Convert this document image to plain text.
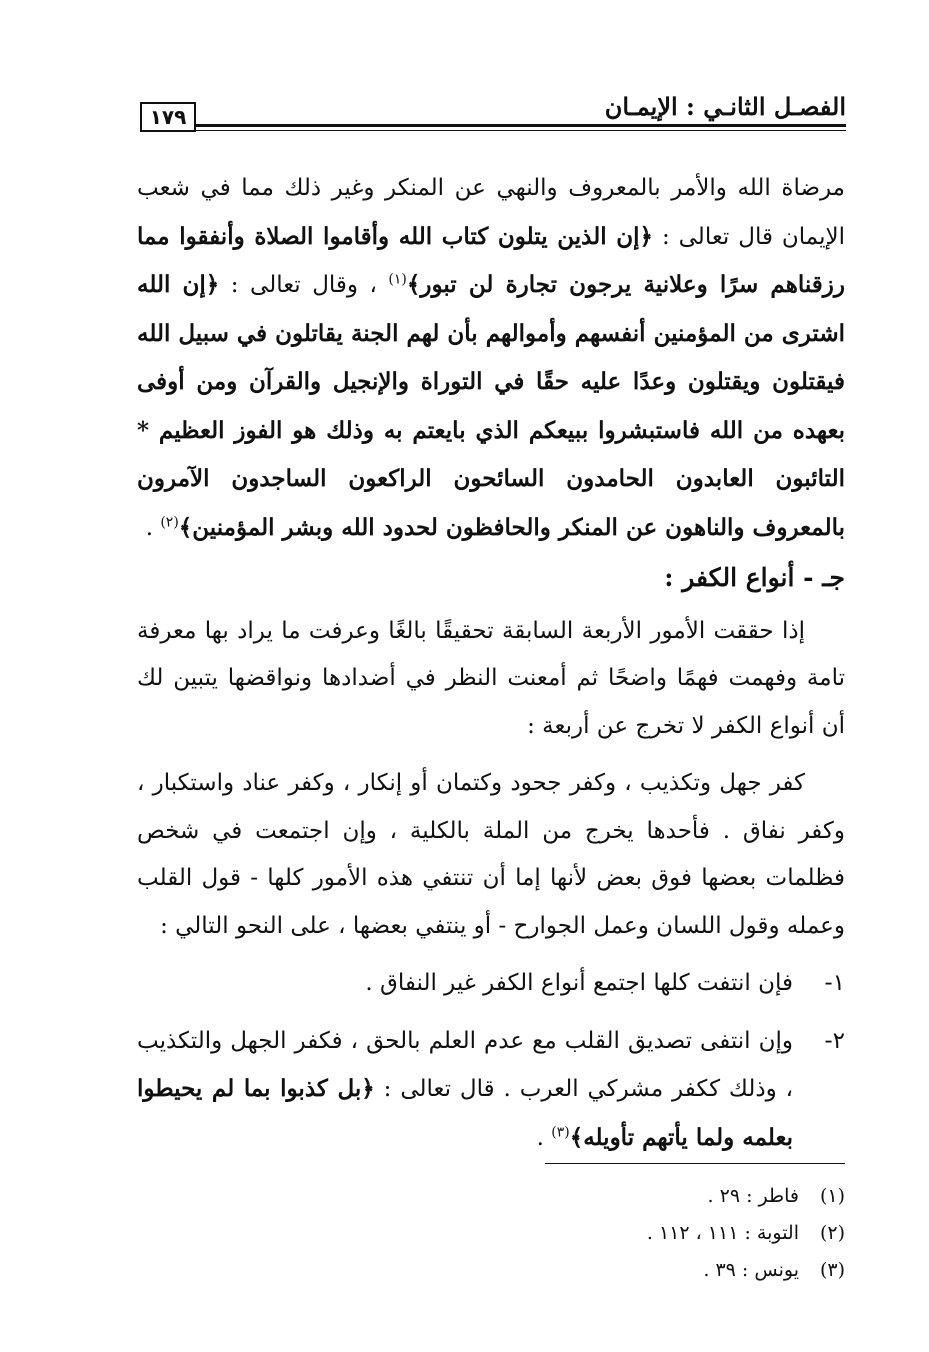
الفصـل الثانـي : الإيمـان
١٧٩

مرضاة الله والأمر بالمعروف والنهي عن المنكر وغير ذلك مما في شعب الإيمان قال تعالى : ﴿إن الذين يتلون كتاب الله وأقاموا الصلاة وأنفقوا مما رزقناهم سرًا وعلانية يرجون تجارة لن تبور﴾$^{(١)}$ ، وقال تعالى : ﴿إن الله اشترى من المؤمنين أنفسهم وأموالهم بأن لهم الجنة يقاتلون في سبيل الله فيقتلون ويقتلون وعدًا عليه حقًا في التوراة والإنجيل والقرآن ومن أوفى بعهده من الله فاستبشروا ببيعكم الذي بايعتم به وذلك هو الفوز العظيم * التائبون العابدون الحامدون السائحون الراكعون الساجدون الآمرون بالمعروف والناهون عن المنكر والحافظون لحدود الله وبشر المؤمنين﴾$^{(٢)}$ .

جـ - أنواع الكفر :

إذا حققت الأمور الأربعة السابقة تحقيقًا بالغًا وعرفت ما يراد بها معرفة تامة وفهمت فهمًا واضحًا ثم أمعنت النظر في أضدادها ونواقضها يتبين لك أن أنواع الكفر لا تخرج عن أربعة :

كفر جهل وتكذيب ، وكفر جحود وكتمان أو إنكار ، وكفر عناد واستكبار ، وكفر نفاق . فأحدها يخرج من الملة بالكلية ، وإن اجتمعت في شخص فظلمات بعضها فوق بعض لأنها إما أن تنتفي هذه الأمور كلها - قول القلب وعمله وقول اللسان وعمل الجوارح - أو ينتفي بعضها ، على النحو التالي :

١-
فإن انتفت كلها اجتمع أنواع الكفر غير النفاق .
٢-
وإن انتفى تصديق القلب مع عدم العلم بالحق ، فكفر الجهل والتكذيب ، وذلك ككفر مشركي العرب . قال تعالى : ﴿بل كذبوا بما لم يحيطوا بعلمه ولما يأتهم تأويله﴾$^{(٣)}$ .
(١)
فاطر : ٢٩ .
(٢)
التوبة : ١١١ ، ١١٢ .
(٣)
يونس : ٣٩ .
